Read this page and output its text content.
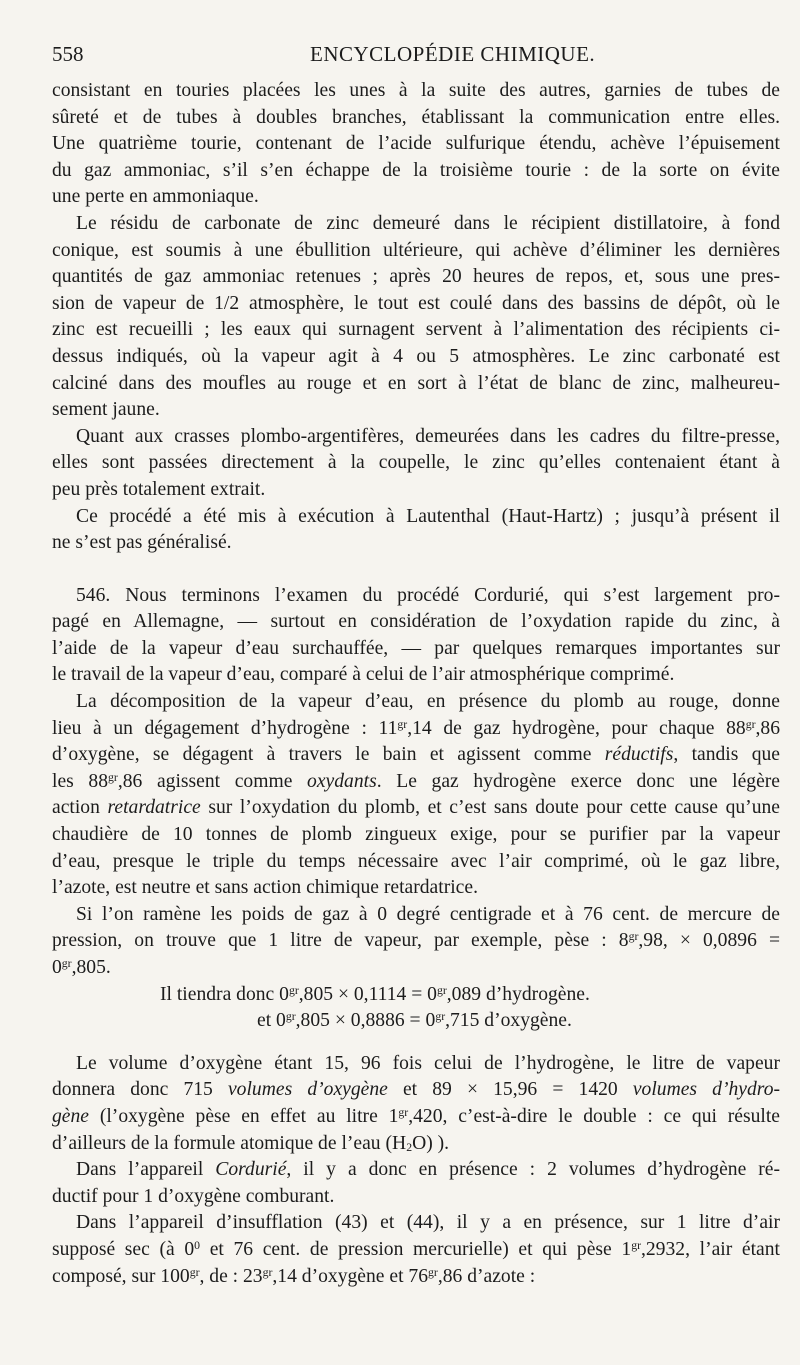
558	ENCYCLOPÉDIE CHIMIQUE.
consistant en touries placées les unes à la suite des autres, garnies de tubes de
sûreté et de tubes à doubles branches, établissant la communication entre elles.
Une quatrième tourie, contenant de l’acide sulfurique étendu, achève l’épuisement
du gaz ammoniac, s’il s’en échappe de la troisième tourie : de la sorte on évite
une perte en ammoniaque.
Le résidu de carbonate de zinc demeuré dans le récipient distillatoire, à fond
conique, est soumis à une ébullition ultérieure, qui achève d’éliminer les dernières
quantités de gaz ammoniac retenues ; après 20 heures de repos, et, sous une pres-
sion de vapeur de 1/2 atmosphère, le tout est coulé dans des bassins de dépôt, où le
zinc est recueilli ; les eaux qui surnagent servent à l’alimentation des récipients ci-
dessus indiqués, où la vapeur agit à 4 ou 5 atmosphères. Le zinc carbonaté est
calciné dans des moufles au rouge et en sort à l’état de blanc de zinc, malheureu-
sement jaune.
Quant aux crasses plombo-argentifères, demeurées dans les cadres du filtre-presse,
elles sont passées directement à la coupelle, le zinc qu’elles contenaient étant à
peu près totalement extrait.
Ce procédé a été mis à exécution à Lautenthal (Haut-Hartz) ; jusqu’à présent il
ne s’est pas généralisé.
546. Nous terminons l’examen du procédé Cordurié, qui s’est largement pro-
pagé en Allemagne, — surtout en considération de l’oxydation rapide du zinc, à
l’aide de la vapeur d’eau surchauffée, — par quelques remarques importantes sur
le travail de la vapeur d’eau, comparé à celui de l’air atmosphérique comprimé.
La décomposition de la vapeur d’eau, en présence du plomb au rouge, donne
lieu à un dégagement d’hydrogène : $11^{gr},14$ de gaz hydrogène, pour chaque $88^{gr},86$
d’oxygène, se dégagent à travers le bain et agissent comme réductifs, tandis que
les $88^{gr},86$ agissent comme oxydants. Le gaz hydrogène exerce donc une légère
action retardatrice sur l’oxydation du plomb, et c’est sans doute pour cette cause qu’une
chaudière de 10 tonnes de plomb zingueux exige, pour se purifier par la vapeur
d’eau, presque le triple du temps nécessaire avec l’air comprimé, où le gaz libre,
l’azote, est neutre et sans action chimique retardatrice.
Si l’on ramène les poids de gaz à 0 degré centigrade et à 76 cent. de mercure de
pression, on trouve que 1 litre de vapeur, par exemple, pèse : $8^{gr},98$, × 0,0896 =
$0^{gr},805$.
Il tiendra donc $0^{gr},805 \times 0,1114 = 0^{gr},089$ d’hydrogène.
et $0^{gr},805 \times 0,8886 = 0^{gr},715$ d’oxygène.
Le volume d’oxygène étant 15, 96 fois celui de l’hydrogène, le litre de vapeur
donnera donc 715 volumes d’oxygène et 89 × 15,96 = 1420 volumes d’hydro-
gène (l’oxygène pèse en effet au litre $1^{gr},420$, c’est-à-dire le double : ce qui résulte
d’ailleurs de la formule atomique de l’eau (H2O) ).
Dans l’appareil Cordurié, il y a donc en présence : 2 volumes d’hydrogène ré-
ductif pour 1 d’oxygène comburant.
Dans l’appareil d’insufflation (43) et (44), il y a en présence, sur 1 litre d’air
supposé sec (à $0^0$ et 76 cent. de pression mercurielle) et qui pèse $1^{gr},2932$, l’air étant
composé, sur $100^{gr}$, de : $23^{gr},14$ d’oxygène et $76^{gr},86$ d’azote :
